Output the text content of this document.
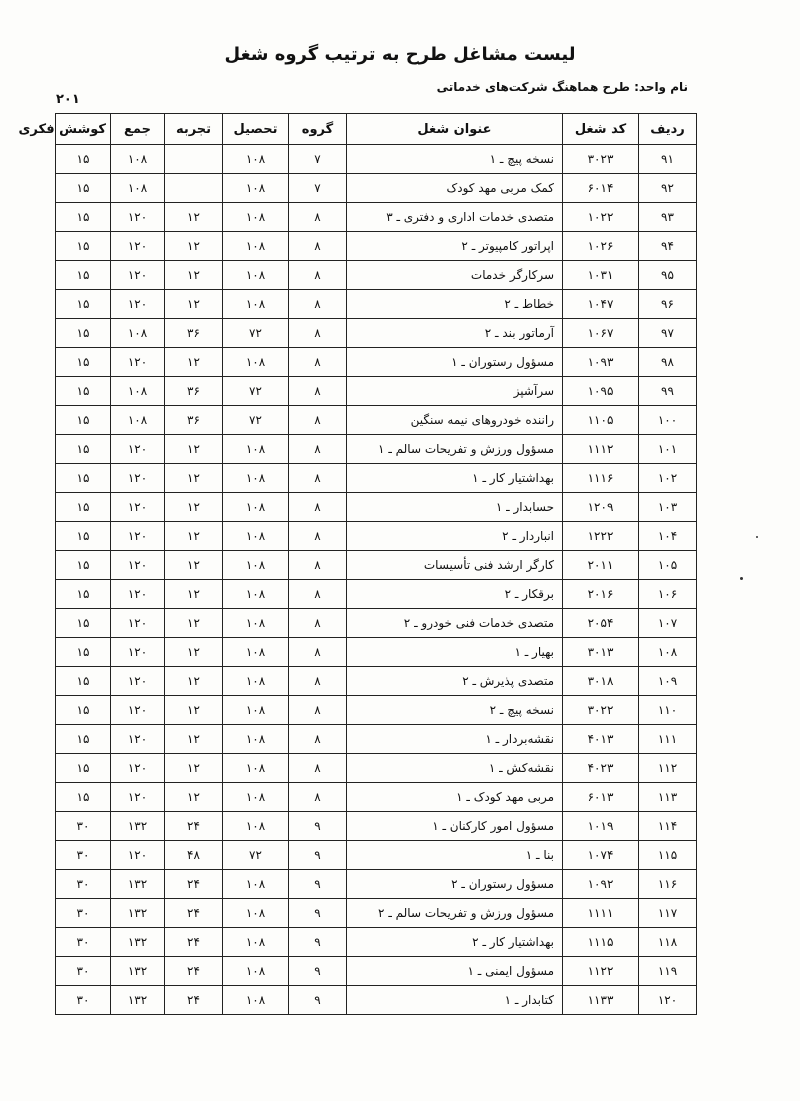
لیست مشاغل طرح به ترتیب گروه شغل
نام واحد: طرح هماهنگ شرکت‌های خدماتی
۲۰۱
ردیف	کد شغل	عنوان شغل	گروه	تحصیل	تجربه	جمع	کوشش فکری
۹۱	۳۰۲۳	نسخه پیچ ـ ۱	۷	۱۰۸		۱۰۸	۱۵
۹۲	۶۰۱۴	کمک مربی مهد کودک	۷	۱۰۸		۱۰۸	۱۵
۹۳	۱۰۲۲	متصدی خدمات اداری و دفتری ـ ۳	۸	۱۰۸	۱۲	۱۲۰	۱۵
۹۴	۱۰۲۶	اپراتور کامپیوتر ـ ۲	۸	۱۰۸	۱۲	۱۲۰	۱۵
۹۵	۱۰۳۱	سرکارگر خدمات	۸	۱۰۸	۱۲	۱۲۰	۱۵
۹۶	۱۰۴۷	خطاط ـ ۲	۸	۱۰۸	۱۲	۱۲۰	۱۵
۹۷	۱۰۶۷	آرماتور بند ـ ۲	۸	۷۲	۳۶	۱۰۸	۱۵
۹۸	۱۰۹۳	مسؤول رستوران ـ ۱	۸	۱۰۸	۱۲	۱۲۰	۱۵
۹۹	۱۰۹۵	سرآشپز	۸	۷۲	۳۶	۱۰۸	۱۵
۱۰۰	۱۱۰۵	راننده خودروهای نیمه سنگین	۸	۷۲	۳۶	۱۰۸	۱۵
۱۰۱	۱۱۱۲	مسؤول ورزش و تفریحات سالم ـ ۱	۸	۱۰۸	۱۲	۱۲۰	۱۵
۱۰۲	۱۱۱۶	بهداشتیار کار ـ ۱	۸	۱۰۸	۱۲	۱۲۰	۱۵
۱۰۳	۱۲۰۹	حسابدار ـ ۱	۸	۱۰۸	۱۲	۱۲۰	۱۵
۱۰۴	۱۲۲۲	انباردار ـ ۲	۸	۱۰۸	۱۲	۱۲۰	۱۵
۱۰۵	۲۰۱۱	کارگر ارشد فنی تأسیسات	۸	۱۰۸	۱۲	۱۲۰	۱۵
۱۰۶	۲۰۱۶	برقکار ـ ۲	۸	۱۰۸	۱۲	۱۲۰	۱۵
۱۰۷	۲۰۵۴	متصدی خدمات فنی خودرو ـ ۲	۸	۱۰۸	۱۲	۱۲۰	۱۵
۱۰۸	۳۰۱۳	بهیار ـ ۱	۸	۱۰۸	۱۲	۱۲۰	۱۵
۱۰۹	۳۰۱۸	متصدی پذیرش ـ ۲	۸	۱۰۸	۱۲	۱۲۰	۱۵
۱۱۰	۳۰۲۲	نسخه پیچ ـ ۲	۸	۱۰۸	۱۲	۱۲۰	۱۵
۱۱۱	۴۰۱۳	نقشه‌بردار ـ ۱	۸	۱۰۸	۱۲	۱۲۰	۱۵
۱۱۲	۴۰۲۳	نقشه‌کش ـ ۱	۸	۱۰۸	۱۲	۱۲۰	۱۵
۱۱۳	۶۰۱۳	مربی مهد کودک ـ ۱	۸	۱۰۸	۱۲	۱۲۰	۱۵
۱۱۴	۱۰۱۹	مسؤول امور کارکنان ـ ۱	۹	۱۰۸	۲۴	۱۳۲	۳۰
۱۱۵	۱۰۷۴	بنا ـ ۱	۹	۷۲	۴۸	۱۲۰	۳۰
۱۱۶	۱۰۹۲	مسؤول رستوران ـ ۲	۹	۱۰۸	۲۴	۱۳۲	۳۰
۱۱۷	۱۱۱۱	مسؤول ورزش و تفریحات سالم ـ ۲	۹	۱۰۸	۲۴	۱۳۲	۳۰
۱۱۸	۱۱۱۵	بهداشتیار کار ـ ۲	۹	۱۰۸	۲۴	۱۳۲	۳۰
۱۱۹	۱۱۲۲	مسؤول ایمنی ـ ۱	۹	۱۰۸	۲۴	۱۳۲	۳۰
۱۲۰	۱۱۳۳	کتابدار ـ ۱	۹	۱۰۸	۲۴	۱۳۲	۳۰
